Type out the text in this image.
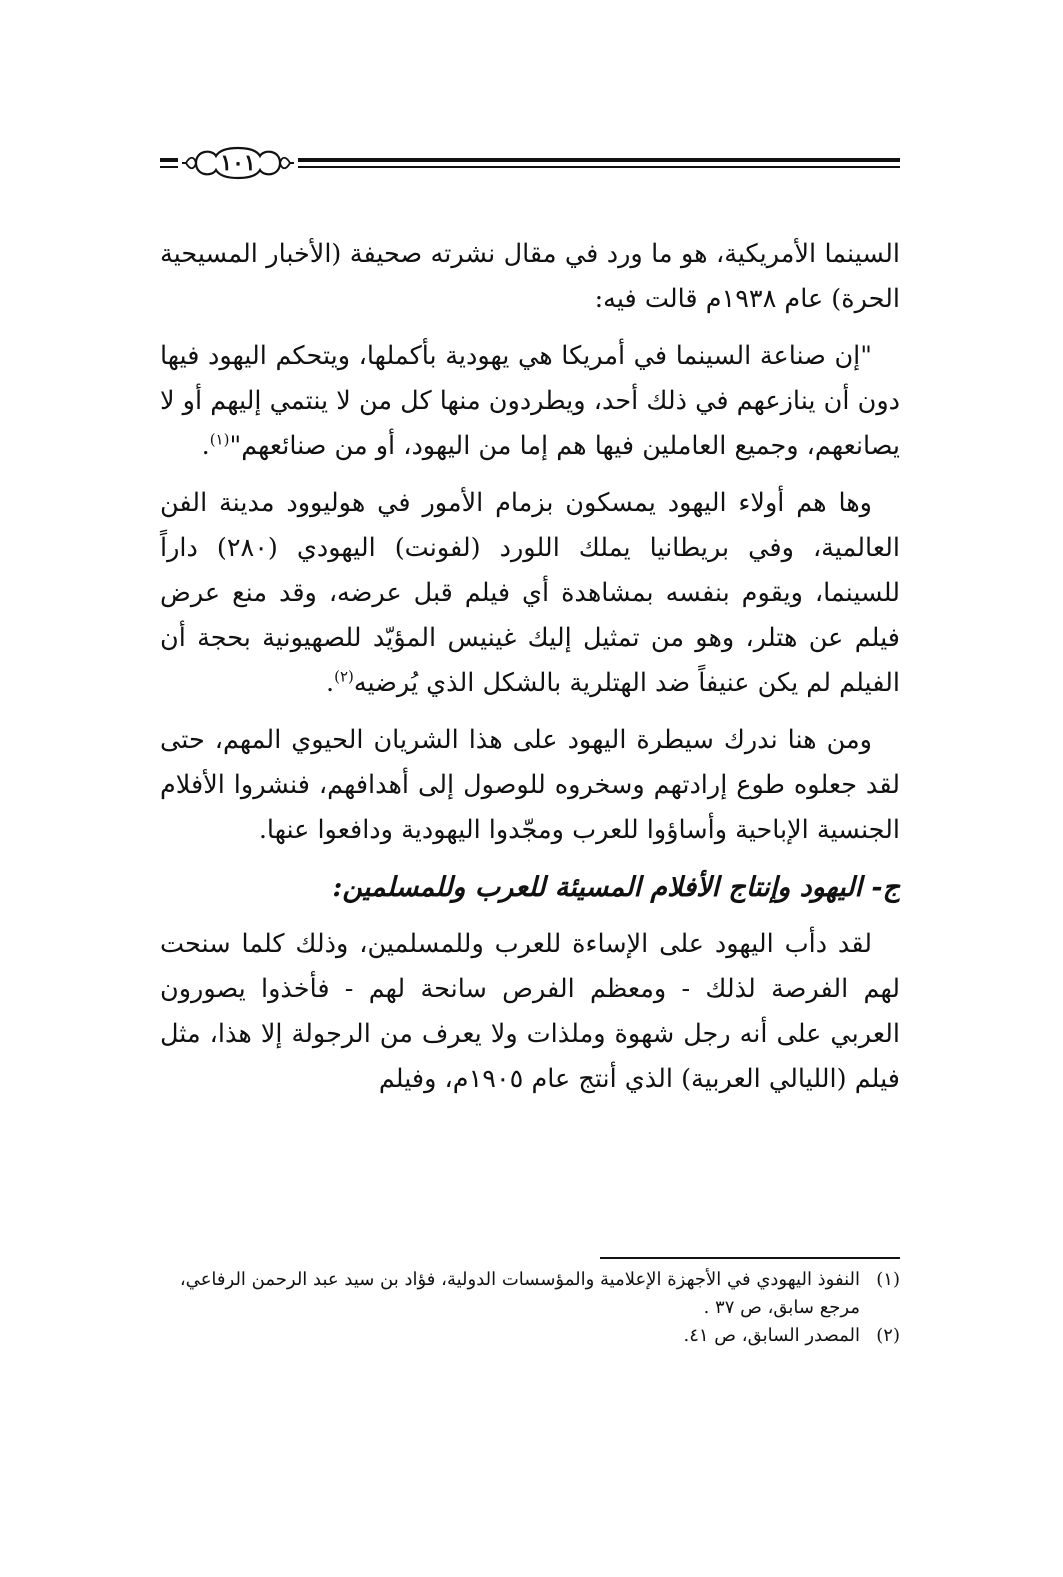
١٠١

السينما الأمريكية، هو ما ورد في مقال نشرته صحيفة (الأخبار المسيحية الحرة) عام ١٩٣٨م قالت فيه:

"إن صناعة السينما في أمريكا هي يهودية بأكملها، ويتحكم اليهود فيها دون أن ينازعهم في ذلك أحد، ويطردون منها كل من لا ينتمي إليهم أو لا يصانعهم، وجميع العاملين فيها هم إما من اليهود، أو من صنائعهم"$^{(١)}$.

وها هم أولاء اليهود يمسكون بزمام الأمور في هوليوود مدينة الفن العالمية، وفي بريطانيا يملك اللورد (لفونت) اليهودي (٢٨٠) داراً للسينما، ويقوم بنفسه بمشاهدة أي فيلم قبل عرضه، وقد منع عرض فيلم عن هتلر، وهو من تمثيل إليك غينيس المؤيّد للصهيونية بحجة أن الفيلم لم يكن عنيفاً ضد الهتلرية بالشكل الذي يُرضيه$^{(٢)}$.

ومن هنا ندرك سيطرة اليهود على هذا الشريان الحيوي المهم، حتى لقد جعلوه طوع إرادتهم وسخروه للوصول إلى أهدافهم، فنشروا الأفلام الجنسية الإباحية وأساؤوا للعرب ومجّدوا اليهودية ودافعوا عنها.

ج- اليهود وإنتاج الأفلام المسيئة للعرب وللمسلمين:

لقد دأب اليهود على الإساءة للعرب وللمسلمين، وذلك كلما سنحت لهم الفرصة لذلك - ومعظم الفرص سانحة لهم - فأخذوا يصورون العربي على أنه رجل شهوة وملذات ولا يعرف من الرجولة إلا هذا، مثل فيلم (الليالي العربية) الذي أنتج عام ١٩٠٥م، وفيلم

(١)
النفوذ اليهودي في الأجهزة الإعلامية والمؤسسات الدولية، فؤاد بن سيد عبد الرحمن الرفاعي، مرجع سابق، ص ٣٧ .
(٢)
المصدر السابق، ص ٤١.
